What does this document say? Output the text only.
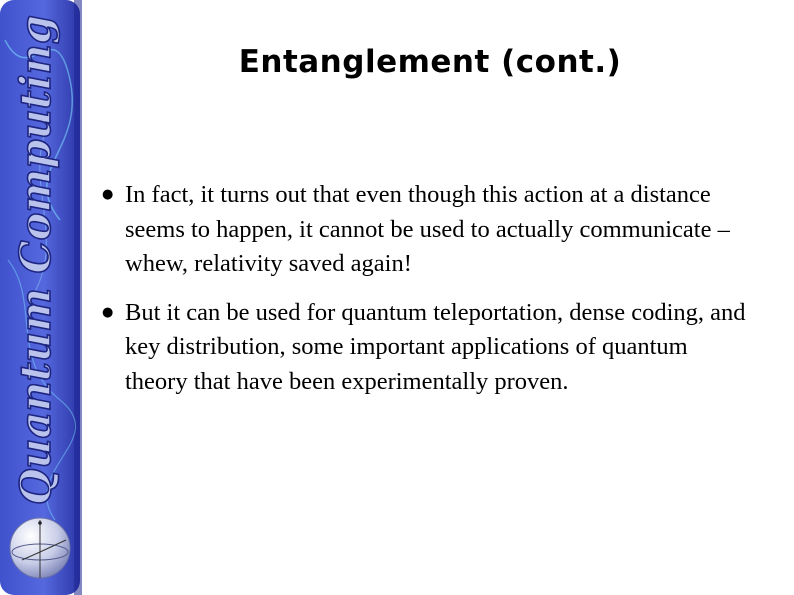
Quantum Computing	Entanglement (cont.)
● In fact, it turns out that even though this action at a distance seems to happen, it cannot be used to actually communicate – whew, relativity saved again!
● But it can be used for quantum teleportation, dense coding, and key distribution, some important applications of quantum theory that have been experimentally proven.
